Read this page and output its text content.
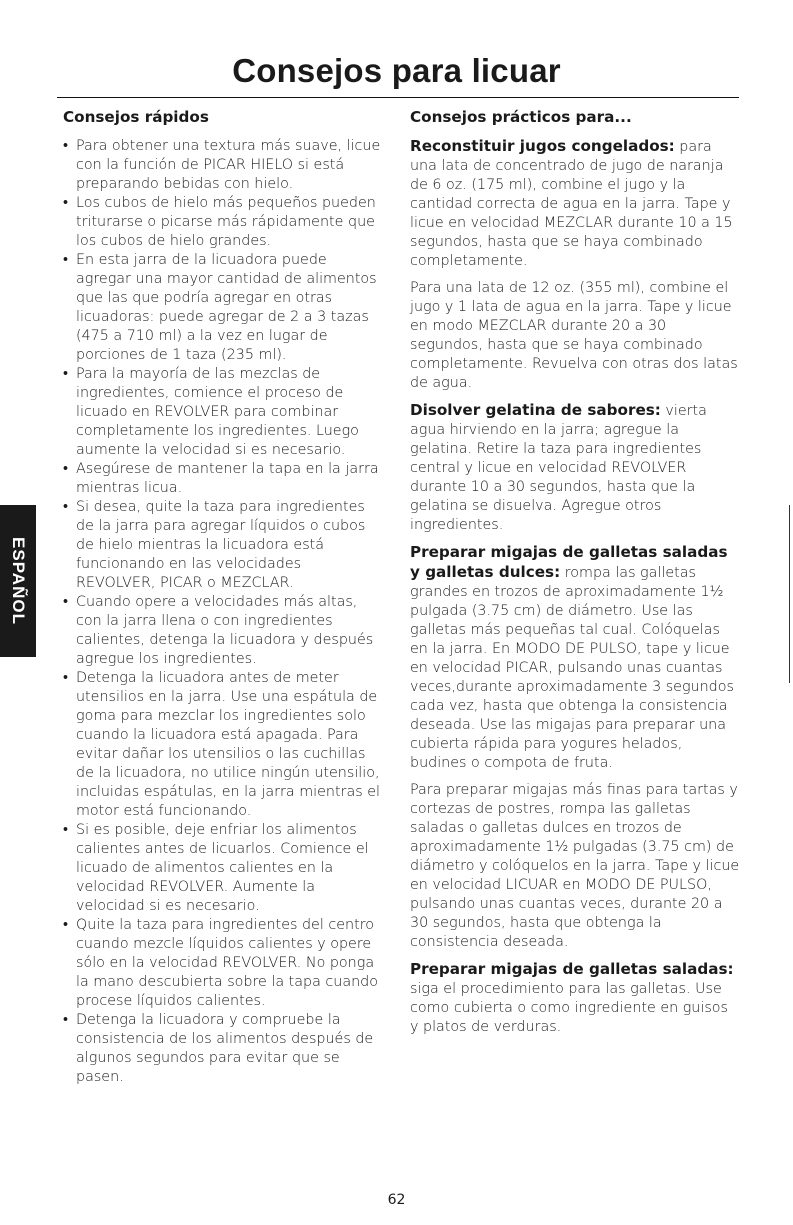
Consejos para licuar
Consejos rápidos
• Para obtener una textura más suave, licue con la función de PICAR HIELO si está preparando bebidas con hielo.
• Los cubos de hielo más pequeños pueden triturarse o picarse más rápidamente que los cubos de hielo grandes.
• En esta jarra de la licuadora puede agregar una mayor cantidad de alimentos que las que podría agregar en otras licuadoras: puede agregar de 2 a 3 tazas (475 a 710 ml) a la vez en lugar de porciones de 1 taza (235 ml).
• Para la mayoría de las mezclas de ingredientes, comience el proceso de licuado en REVOLVER para combinar completamente los ingredientes. Luego aumente la velocidad si es necesario.
• Asegúrese de mantener la tapa en la jarra mientras licua.
• Si desea, quite la taza para ingredientes de la jarra para agregar líquidos o cubos de hielo mientras la licuadora está funcionando en las velocidades REVOLVER, PICAR o MEZCLAR.
• Cuando opere a velocidades más altas, con la jarra llena o con ingredientes calientes, detenga la licuadora y después agregue los ingredientes.
• Detenga la licuadora antes de meter utensilios en la jarra. Use una espátula de goma para mezclar los ingredientes solo cuando la licuadora está apagada. Para evitar dañar los utensilios o las cuchillas de la licuadora, no utilice ningún utensilio, incluidas espátulas, en la jarra mientras el motor está funcionando.
• Si es posible, deje enfriar los alimentos calientes antes de licuarlos. Comience el licuado de alimentos calientes en la velocidad REVOLVER. Aumente la velocidad si es necesario.
• Quite la taza para ingredientes del centro cuando mezcle líquidos calientes y opere sólo en la velocidad REVOLVER. No ponga la mano descubierta sobre la tapa cuando procese líquidos calientes.
• Detenga la licuadora y compruebe la consistencia de los alimentos después de algunos segundos para evitar que se pasen.
Consejos prácticos para...

Reconstituir jugos congelados: para una lata de concentrado de jugo de naranja de 6 oz. (175 ml), combine el jugo y la cantidad correcta de agua en la jarra. Tape y licue en velocidad MEZCLAR durante 10 a 15 segundos, hasta que se haya combinado completamente.

Para una lata de 12 oz. (355 ml), combine el jugo y 1 lata de agua en la jarra. Tape y licue en modo MEZCLAR durante 20 a 30 segundos, hasta que se haya combinado completamente. Revuelva con otras dos latas de agua.

Disolver gelatina de sabores: vierta agua hirviendo en la jarra; agregue la gelatina. Retire la taza para ingredientes central y licue en velocidad REVOLVER durante 10 a 30 segundos, hasta que la gelatina se disuelva. Agregue otros ingredientes.

Preparar migajas de galletas saladas y galletas dulces: rompa las galletas grandes en trozos de aproximadamente 1½ pulgada (3.75 cm) de diámetro. Use las galletas más pequeñas tal cual. Colóquelas en la jarra. En MODO DE PULSO, tape y licue en velocidad PICAR, pulsando unas cuantas veces,durante aproximadamente 3 segundos cada vez, hasta que obtenga la consistencia deseada. Use las migajas para preparar una cubierta rápida para yogures helados, budines o compota de fruta.

Para preparar migajas más finas para tartas y cortezas de postres, rompa las galletas saladas o galletas dulces en trozos de aproximadamente 1½ pulgadas (3.75 cm) de diámetro y colóquelos en la jarra. Tape y licue en velocidad LICUAR en MODO DE PULSO, pulsando unas cuantas veces, durante 20 a 30 segundos, hasta que obtenga la consistencia deseada.

Preparar migajas de galletas saladas: siga el procedimiento para las galletas. Use como cubierta o como ingrediente en guisos y platos de verduras.

ESPAÑOL
62
